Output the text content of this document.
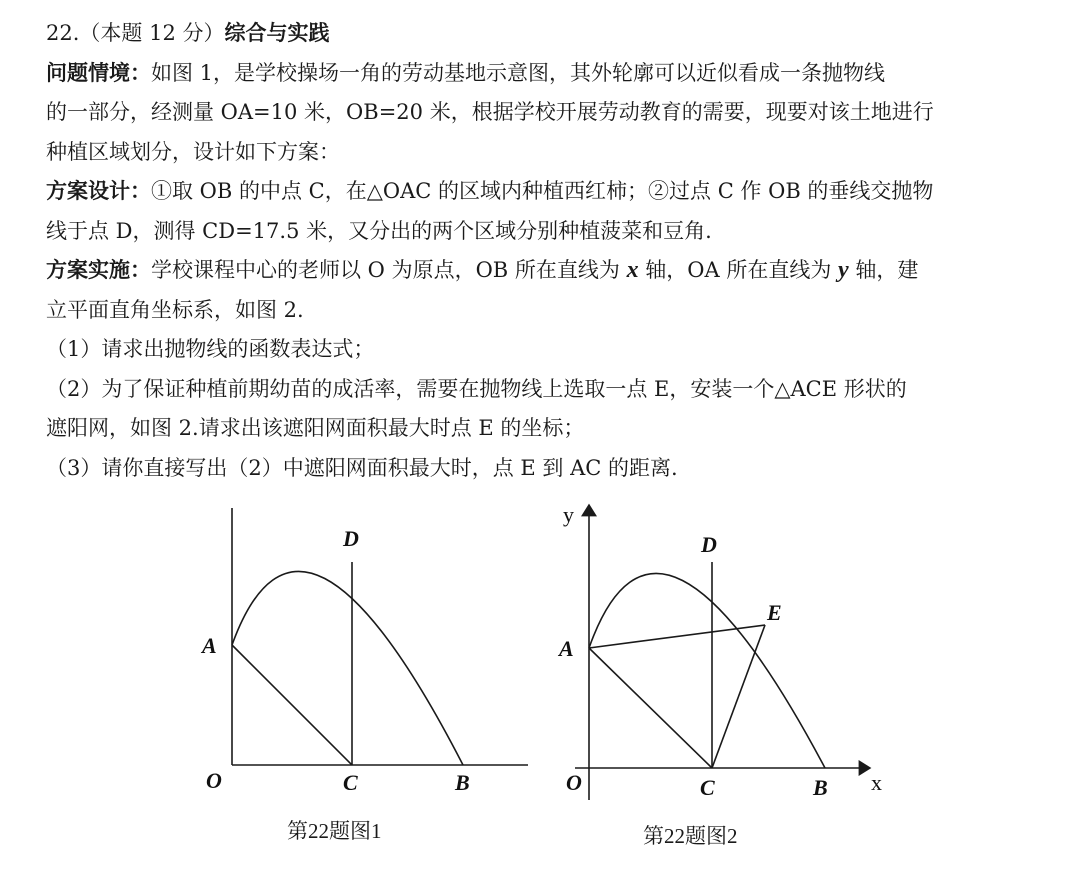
22.（本题 12 分）综合与实践
问题情境：如图 1，是学校操场一角的劳动基地示意图，其外轮廓可以近似看成一条抛物线
的一部分，经测量 OA=10 米，OB=20 米，根据学校开展劳动教育的需要，现要对该土地进行
种植区域划分，设计如下方案：
方案设计：①取 OB 的中点 C，在△OAC 的区域内种植西红柿；②过点 C 作 OB 的垂线交抛物
线于点 D，测得 CD=17.5 米，又分出的两个区域分别种植菠菜和豆角.
方案实施：学校课程中心的老师以 O 为原点，OB 所在直线为 x 轴，OA 所在直线为 y 轴，建
立平面直角坐标系，如图 2.
（1）请求出抛物线的函数表达式；
（2）为了保证种植前期幼苗的成活率，需要在抛物线上选取一点 E，安装一个△ACE 形状的
遮阳网，如图 2.请求出该遮阳网面积最大时点 E 的坐标；
（3）请你直接写出（2）中遮阳网面积最大时，点 E 到 AC 的距离.
O
A
C	B
D
第22题图1
y
x
O
A
C	B
D
E
第22题图2
